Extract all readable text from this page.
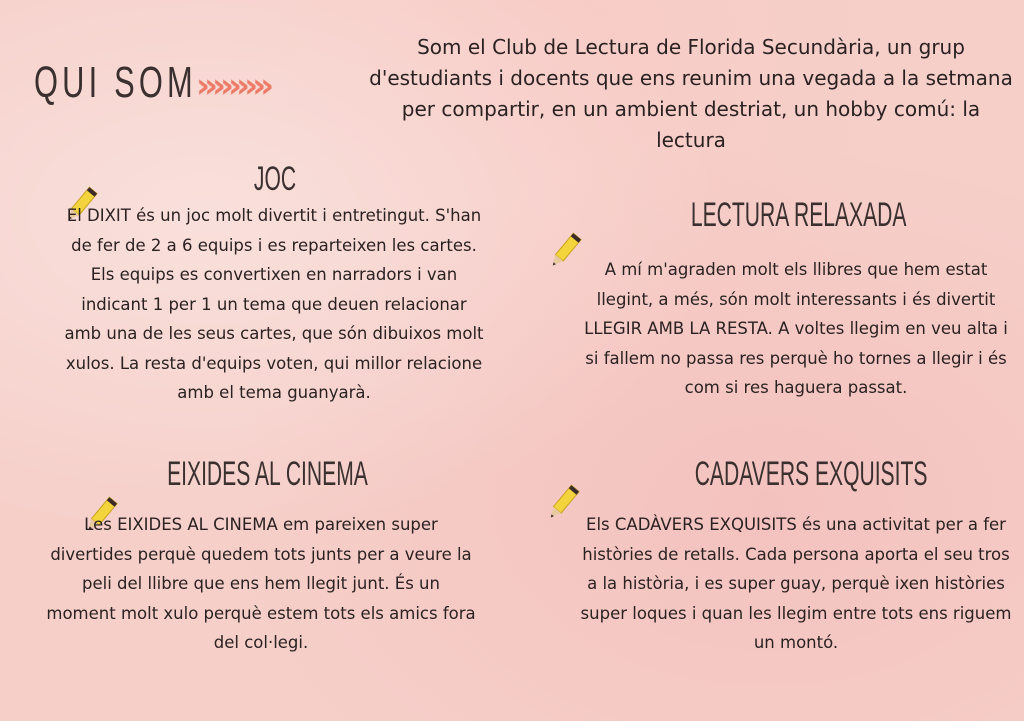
QUI SOM ›››››››››

Som el Club de Lectura de Florida Secundària, un grup d'estudiants i docents que ens reunim una vegada a la setmana per compartir, en un ambient destriat, un hobby comú: la lectura

JOC

El DIXIT és un joc molt divertit i entretingut. S'han de fer de 2 a 6 equips i es reparteixen les cartes. Els equips es convertixen en narradors i van indicant 1 per 1 un tema que deuen relacionar amb una de les seus cartes, que són dibuixos molt xulos. La resta d'equips voten, qui millor relacione amb el tema guanyarà.

LECTURA RELAXADA

A mí m'agraden molt els llibres que hem estat llegint, a més, són molt interessants i és divertit LLEGIR AMB LA RESTA. A voltes llegim en veu alta i si fallem no passa res perquè ho tornes a llegir i és com si res haguera passat.

EIXIDES AL CINEMA

Les EIXIDES AL CINEMA em pareixen super divertides perquè quedem tots junts per a veure la peli del llibre que ens hem llegit junt. És un moment molt xulo perquè estem tots els amics fora del col·legi.

CADAVERS EXQUISITS

Els CADÀVERS EXQUISITS és una activitat per a fer històries de retalls. Cada persona aporta el seu tros a la història, i es super guay, perquè ixen històries super loques i quan les llegim entre tots ens riguem un montó.
